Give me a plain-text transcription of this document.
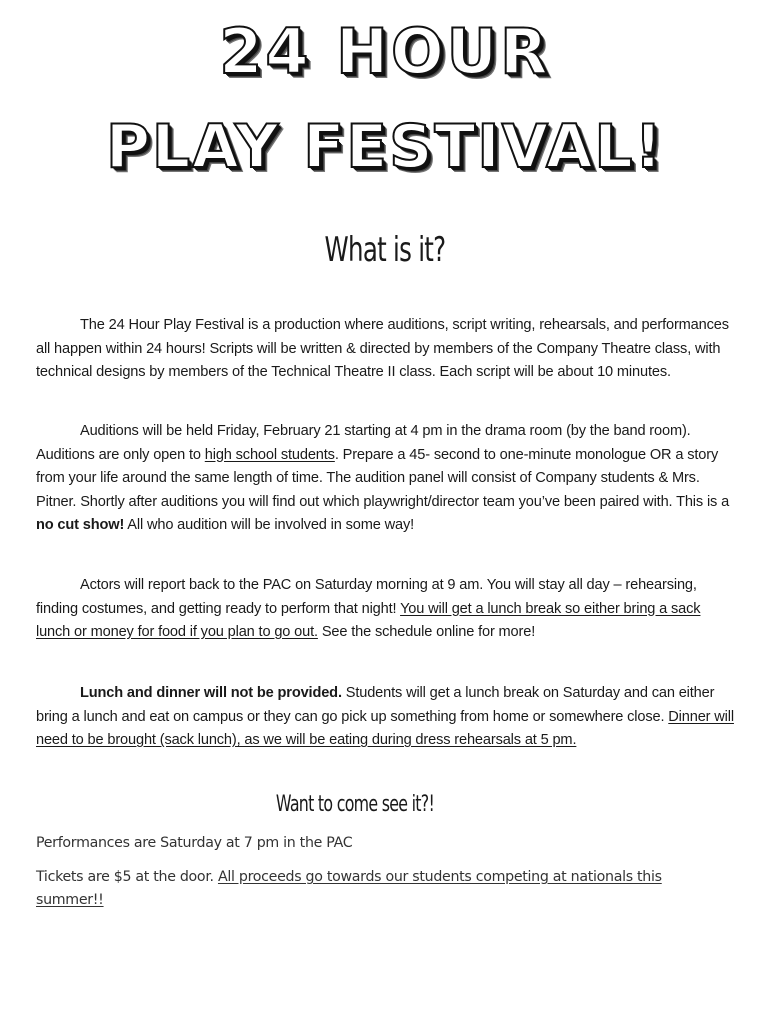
24 HOUR
PLAY FESTIVAL!
What is it?

The 24 Hour Play Festival is a production where auditions, script writing, rehearsals, and performances all happen within 24 hours! Scripts will be written & directed by members of the Company Theatre class, with technical designs by members of the Technical Theatre II class. Each script will be about 10 minutes.

Auditions will be held Friday, February 21 starting at 4 pm in the drama room (by the band room). Auditions are only open to high school students. Prepare a 45- second to one-minute monologue OR a story from your life around the same length of time. The audition panel will consist of Company students & Mrs. Pitner. Shortly after auditions you will find out which playwright/director team you’ve been paired with. This is a no cut show! All who audition will be involved in some way!

Actors will report back to the PAC on Saturday morning at 9 am. You will stay all day – rehearsing, finding costumes, and getting ready to perform that night! You will get a lunch break so either bring a sack lunch or money for food if you plan to go out. See the schedule online for more!

Lunch and dinner will not be provided. Students will get a lunch break on Saturday and can either bring a lunch and eat on campus or they can go pick up something from home or somewhere close. Dinner will need to be brought (sack lunch), as we will be eating during dress rehearsals at 5 pm.

Want to come see it?!

Performances are Saturday at 7 pm in the PAC

Tickets are $5 at the door. All proceeds go towards our students competing at nationals this summer!!
